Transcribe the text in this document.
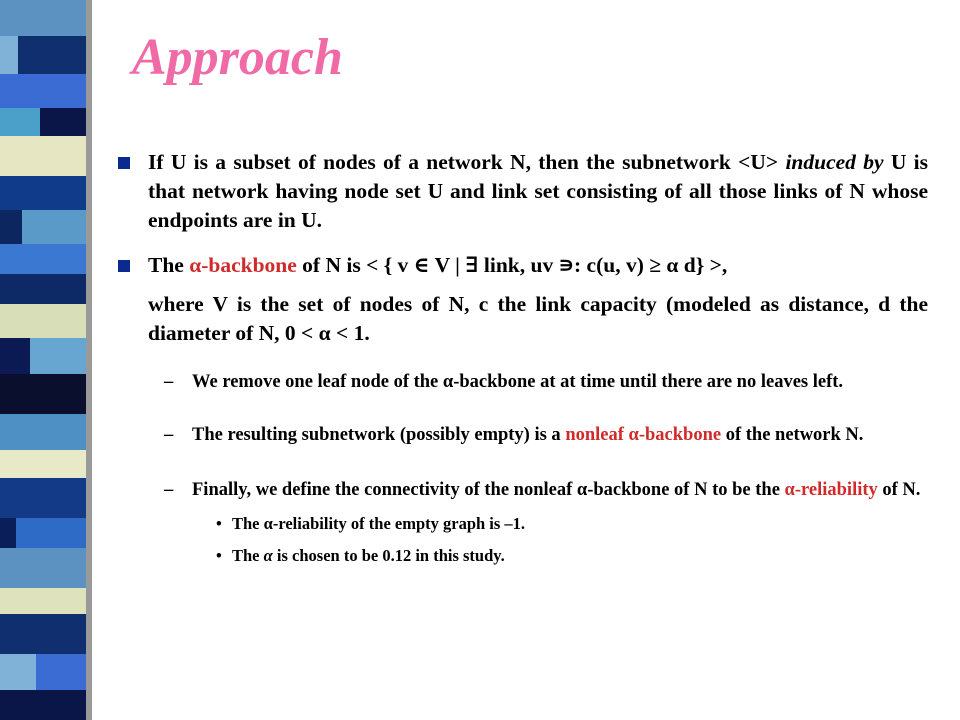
Approach

If U is a subset of nodes of a network N, then the subnetwork <U> induced by U is that network having node set U and link set consisting of all those links of N whose endpoints are in U.

The α-backbone of N is < { v ∈ V | ∃ link, uv ∍: c(u, v) ≥ α d} >,

where V is the set of nodes of N, c the link capacity (modeled as distance, d the diameter of N, 0 < α < 1.

– We remove one leaf node of the α-backbone at at time until there are no leaves left.

– The resulting subnetwork (possibly empty) is a nonleaf α-backbone of the network N.

– Finally, we define the connectivity of the nonleaf α-backbone of N to be the α-reliability of N.

• The α-reliability of the empty graph is –1.

• The α is chosen to be 0.12 in this study.
